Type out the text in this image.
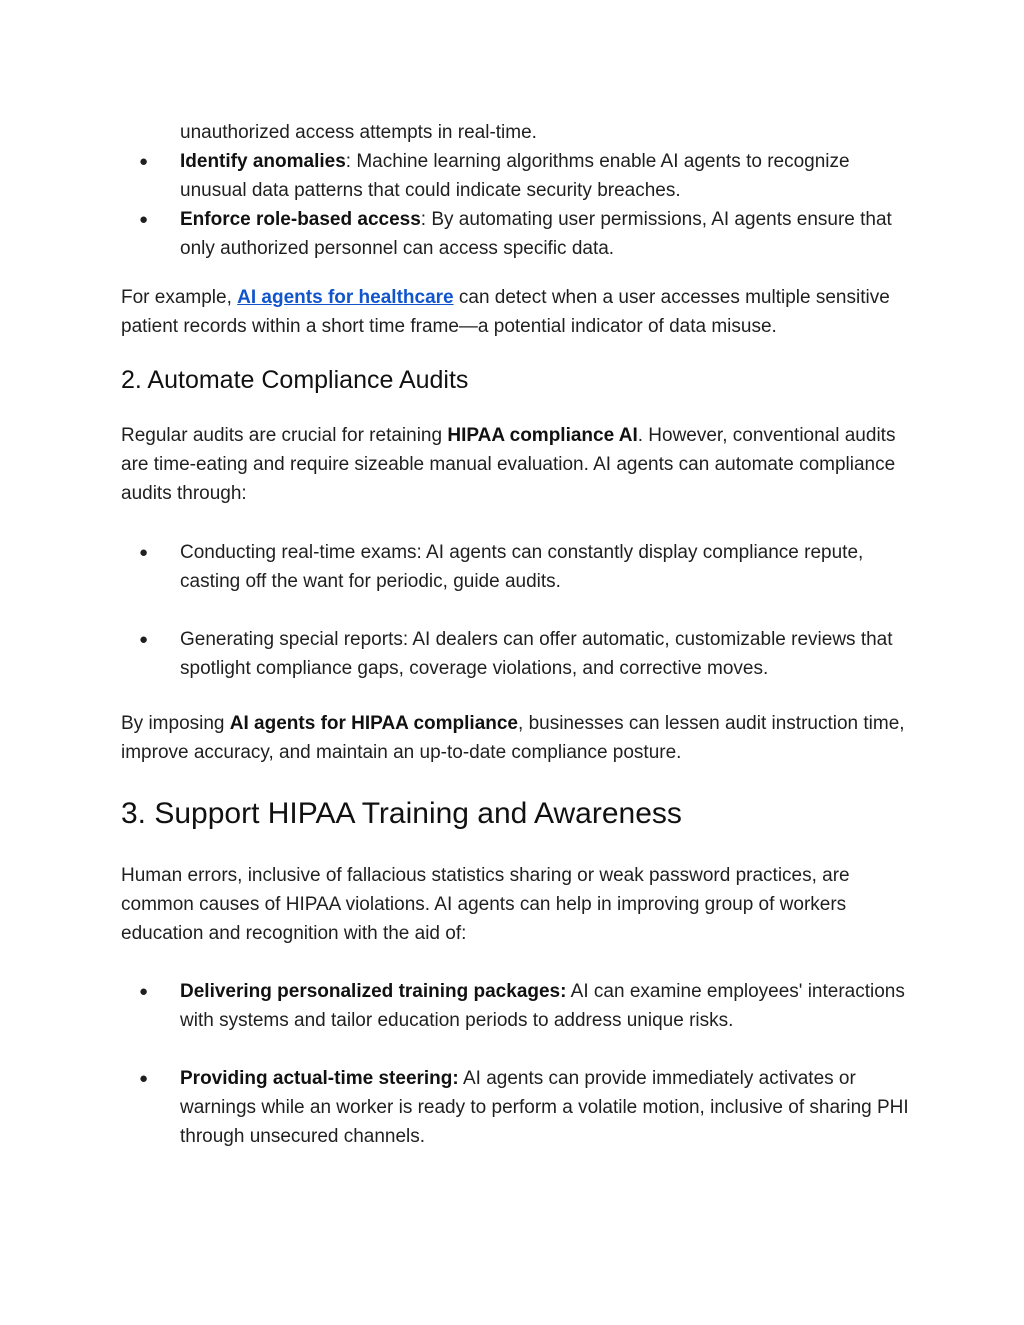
unauthorized access attempts in real-time.

● Identify anomalies: Machine learning algorithms enable AI agents to recognize unusual data patterns that could indicate security breaches.
● Enforce role-based access: By automating user permissions, AI agents ensure that only authorized personnel can access specific data.

For example, AI agents for healthcare can detect when a user accesses multiple sensitive patient records within a short time frame—a potential indicator of data misuse.

2. Automate Compliance Audits

Regular audits are crucial for retaining HIPAA compliance AI. However, conventional audits are time-eating and require sizeable manual evaluation. AI agents can automate compliance audits through:

● Conducting real-time exams: AI agents can constantly display compliance repute, casting off the want for periodic, guide audits.
● Generating special reports: AI dealers can offer automatic, customizable reviews that spotlight compliance gaps, coverage violations, and corrective moves.

By imposing AI agents for HIPAA compliance, businesses can lessen audit instruction time, improve accuracy, and maintain an up-to-date compliance posture.

3. Support HIPAA Training and Awareness

Human errors, inclusive of fallacious statistics sharing or weak password practices, are common causes of HIPAA violations. AI agents can help in improving group of workers education and recognition with the aid of:

● Delivering personalized training packages: AI can examine employees' interactions with systems and tailor education periods to address unique risks.
● Providing actual-time steering: AI agents can provide immediately activates or warnings while an worker is ready to perform a volatile motion, inclusive of sharing PHI through unsecured channels.
